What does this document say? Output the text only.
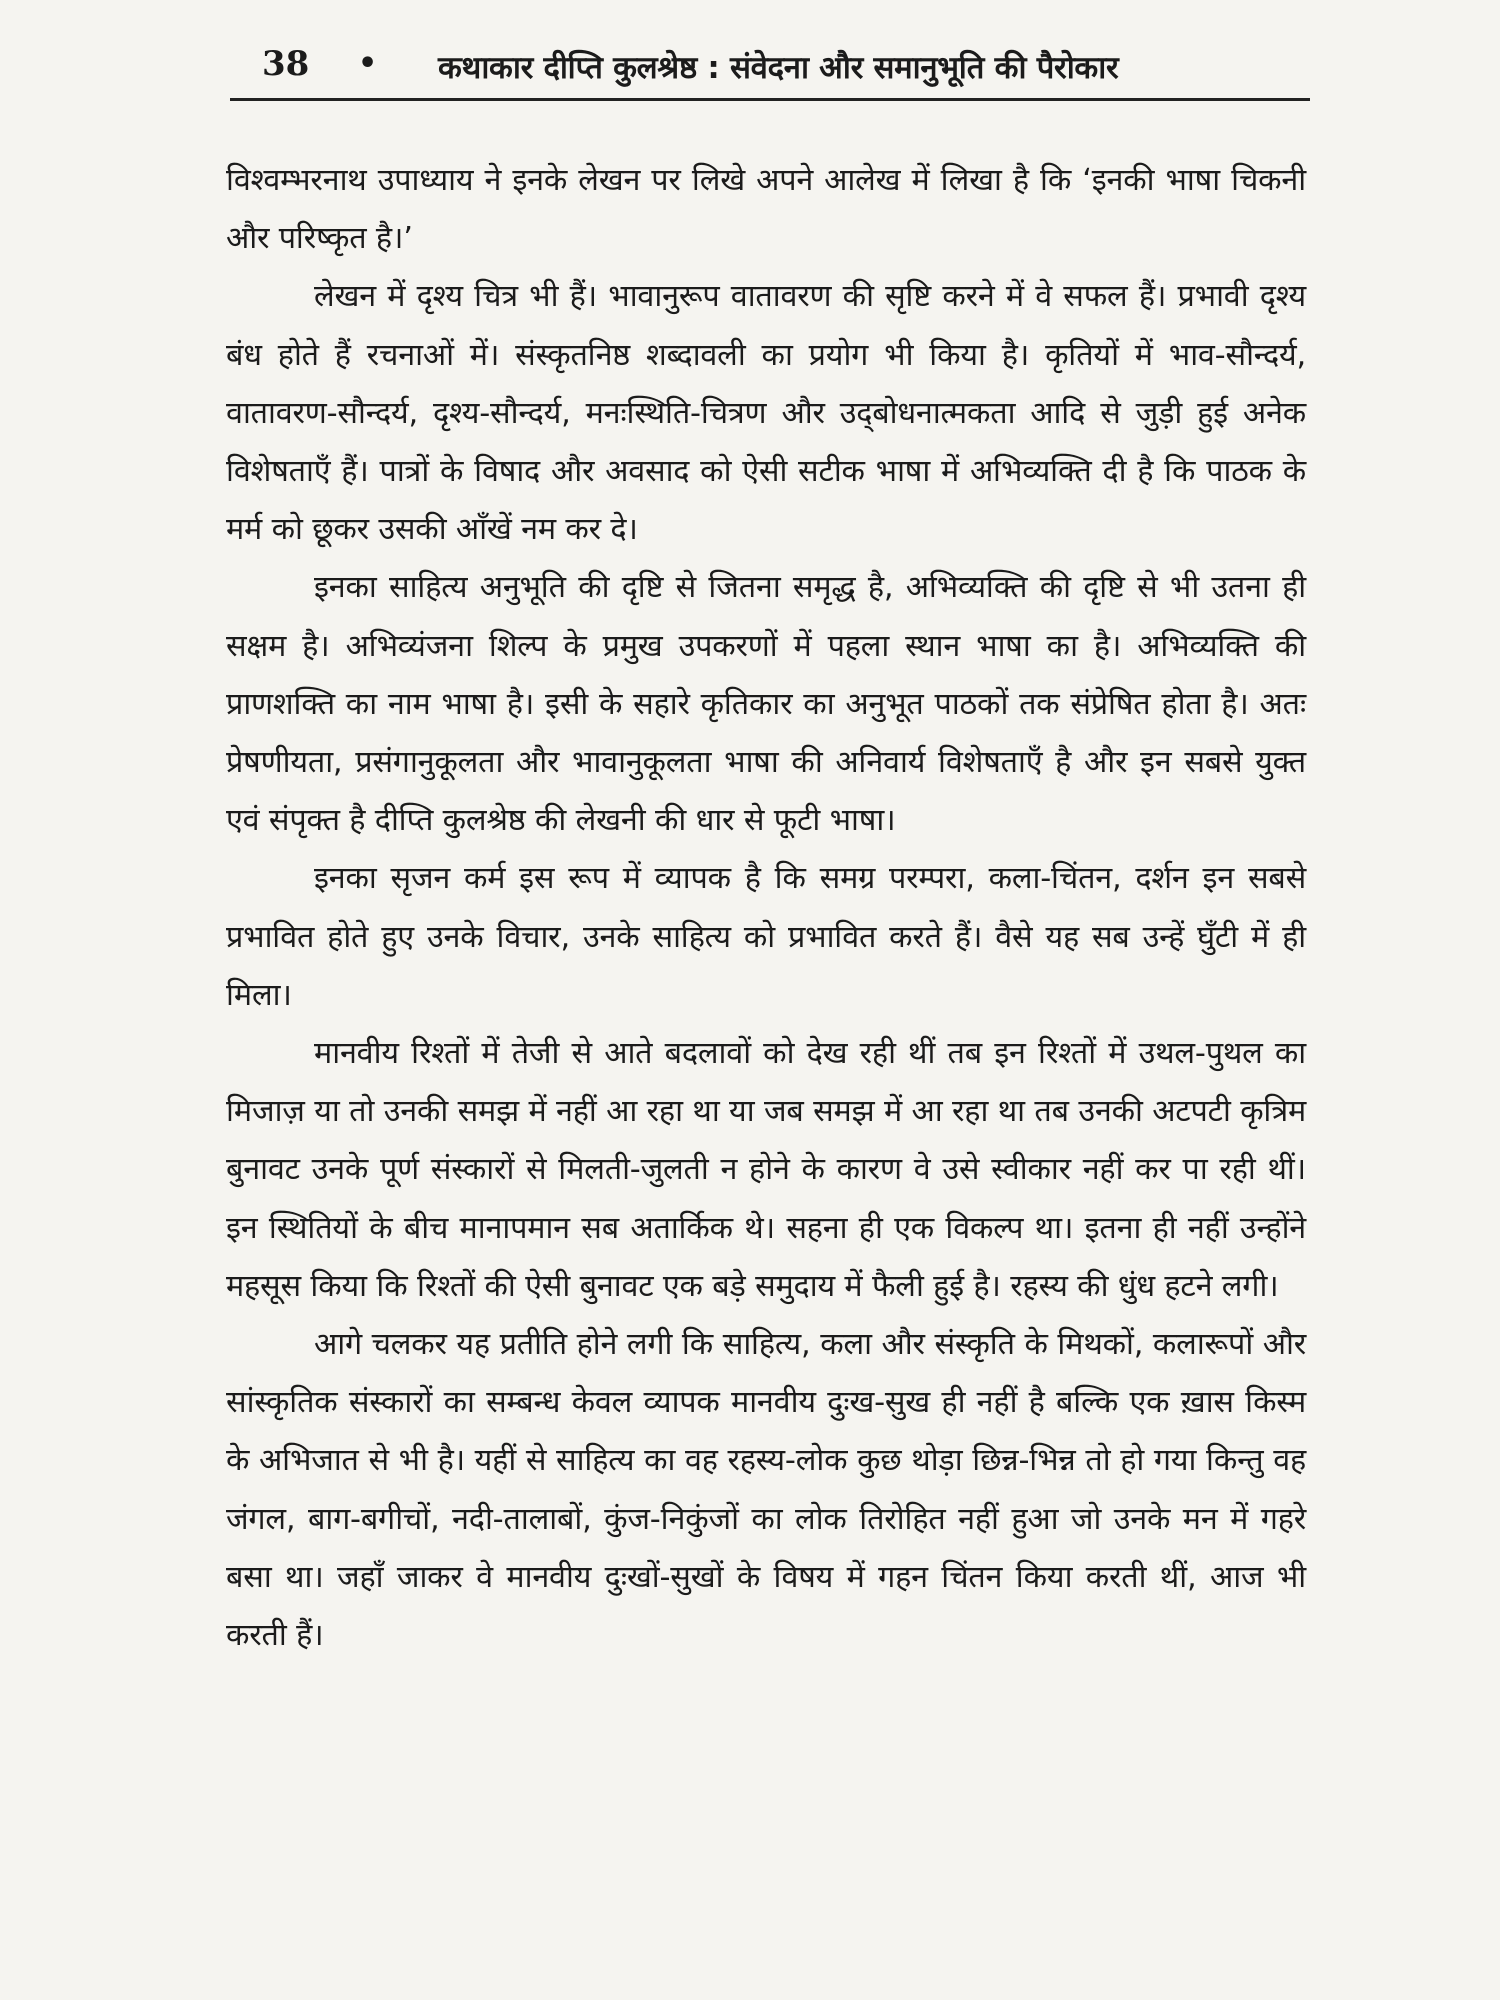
38 • कथाकार दीप्ति कुलश्रेष्ठ : संवेदना और समानुभूति की पैरोकार

विश्वम्भरनाथ उपाध्याय ने इनके लेखन पर लिखे अपने आलेख में लिखा है कि ‘इनकी भाषा चिकनी और परिष्कृत है।’

लेखन में दृश्य चित्र भी हैं। भावानुरूप वातावरण की सृष्टि करने में वे सफल हैं। प्रभावी दृश्य बंध होते हैं रचनाओं में। संस्कृतनिष्ठ शब्दावली का प्रयोग भी किया है। कृतियों में भाव-सौन्दर्य, वातावरण-सौन्दर्य, दृश्य-सौन्दर्य, मनःस्थिति-चित्रण और उद्‌बोधनात्मकता आदि से जुड़ी हुई अनेक विशेषताएँ हैं। पात्रों के विषाद और अवसाद को ऐसी सटीक भाषा में अभिव्यक्ति दी है कि पाठक के मर्म को छूकर उसकी आँखें नम कर दे।

इनका साहित्य अनुभूति की दृष्टि से जितना समृद्ध है, अभिव्यक्ति की दृष्टि से भी उतना ही सक्षम है। अभिव्यंजना शिल्प के प्रमुख उपकरणों में पहला स्थान भाषा का है। अभिव्यक्ति की प्राणशक्ति का नाम भाषा है। इसी के सहारे कृतिकार का अनुभूत पाठकों तक संप्रेषित होता है। अतः प्रेषणीयता, प्रसंगानुकूलता और भावानुकूलता भाषा की अनिवार्य विशेषताएँ है और इन सबसे युक्त एवं संपृक्त है दीप्ति कुलश्रेष्ठ की लेखनी की धार से फूटी भाषा।

इनका सृजन कर्म इस रूप में व्यापक है कि समग्र परम्परा, कला-चिंतन, दर्शन इन सबसे प्रभावित होते हुए उनके विचार, उनके साहित्य को प्रभावित करते हैं। वैसे यह सब उन्हें घुँटी में ही मिला।

मानवीय रिश्तों में तेजी से आते बदलावों को देख रही थीं तब इन रिश्तों में उथल-पुथल का मिजाज़ या तो उनकी समझ में नहीं आ रहा था या जब समझ में आ रहा था तब उनकी अटपटी कृत्रिम बुनावट उनके पूर्ण संस्कारों से मिलती-जुलती न होने के कारण वे उसे स्वीकार नहीं कर पा रही थीं। इन स्थितियों के बीच मानापमान सब अतार्किक थे। सहना ही एक विकल्प था। इतना ही नहीं उन्होंने महसूस किया कि रिश्तों की ऐसी बुनावट एक बड़े समुदाय में फैली हुई है। रहस्य की धुंध हटने लगी।

आगे चलकर यह प्रतीति होने लगी कि साहित्य, कला और संस्कृति के मिथकों, कलारूपों और सांस्कृतिक संस्कारों का सम्बन्ध केवल व्यापक मानवीय दुःख-सुख ही नहीं है बल्कि एक ख़ास किस्म के अभिजात से भी है। यहीं से साहित्य का वह रहस्य-लोक कुछ थोड़ा छिन्न-भिन्न तो हो गया किन्तु वह जंगल, बाग-बगीचों, नदी-तालाबों, कुंज-निकुंजों का लोक तिरोहित नहीं हुआ जो उनके मन में गहरे बसा था। जहाँ जाकर वे मानवीय दुःखों-सुखों के विषय में गहन चिंतन किया करती थीं, आज भी करती हैं।
